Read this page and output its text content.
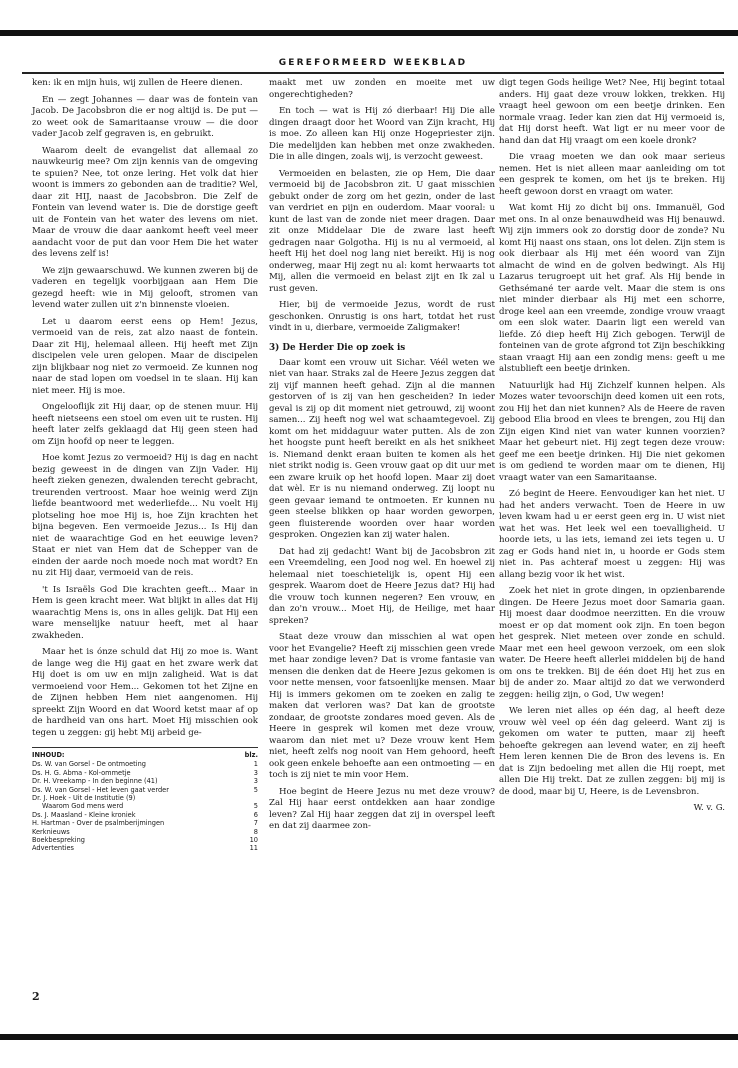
GEREFORMEERD WEEKBLAD

ken: ik en mijn huis, wij zullen de Heere dienen.

En — zegt Johannes — daar was de fontein van Jacob. De Jacobsbron die er nog altijd is. De put — zo weet ook de Samaritaanse vrouw — die door vader Jacob zelf gegraven is, en gebruikt.

Waarom deelt de evangelist dat allemaal zo nauwkeurig mee? Om zijn kennis van de omgeving te spuien? Nee, tot onze lering. Het volk dat hier woont is immers zo gebonden aan de traditie? Wel, daar zit HIJ, naast de Jacobsbron. Die Zelf de Fontein van levend water is. Die de dorstige geeft uit de Fontein van het water des levens om niet. Maar de vrouw die daar aankomt heeft veel meer aandacht voor de put dan voor Hem Die het water des levens zelf is!

We zijn gewaarschuwd. We kunnen zweren bij de vaderen en tegelijk voorbijgaan aan Hem Die gezegd heeft: wie in Mij gelooft, stromen van levend water zullen uit z'n binnenste vloeien.

Let u daarom eerst eens op Hem! Jezus, vermoeid van de reis, zat alzo naast de fontein. Daar zit Hij, helemaal alleen. Hij heeft met Zijn discipelen vele uren gelopen. Maar de discipelen zijn blijkbaar nog niet zo vermoeid. Ze kunnen nog naar de stad lopen om voedsel in te slaan. Hij kan niet meer. Hij is moe.

Ongelooflijk zit Hij daar, op de stenen muur. Hij heeft nietseens een stoel om even uit te rusten. Hij heeft later zelfs geklaagd dat Hij geen steen had om Zijn hoofd op neer te leggen.

Hoe komt Jezus zo vermoeid? Hij is dag en nacht bezig geweest in de dingen van Zijn Vader. Hij heeft zieken genezen, dwalenden terecht gebracht, treurenden vertroost. Maar hoe weinig werd Zijn liefde beantwoord met wederliefde... Nu voelt Hij plotseling hoe moe Hij is, hoe Zijn krachten het bijna begeven. Een vermoeide Jezus... Is Hij dan niet de waarachtige God en het eeuwige leven? Staat er niet van Hem dat de Schepper van de einden der aarde noch moede noch mat wordt? En nu zit Hij daar, vermoeid van de reis.

't Is Israëls God Die krachten geeft... Maar in Hem is geen kracht meer. Wat blijkt in alles dat Hij waarachtig Mens is, ons in alles gelijk. Dat Hij een ware menselijke natuur heeft, met al haar zwakheden.

Maar het is ónze schuld dat Hij zo moe is. Want de lange weg die Hij gaat en het zware werk dat Hij doet is om uw en mijn zaligheid. Wat is dat vermoeiend voor Hem... Gekomen tot het Zijne en de Zijnen hebben Hem niet aangenomen. Hij spreekt Zijn Woord en dat Woord ketst maar af op de hardheid van ons hart. Moet Hij misschien ook tegen u zeggen: gij hebt Mij arbeid ge-

INHOUD:	blz.
Ds. W. van Gorsel - De ontmoeting	1
Ds. H. G. Abma - Kol-ommetje	3
Dr. H. Vreekamp - In den beginne (41)	3
Ds. W. van Gorsel - Het leven gaat verder	5
Dr. J. Hoek - Uit de Institutie (9)
Waarom God mens werd	5
Ds. J. Maasland - Kleine kroniek	6
H. Hartman - Over de psalmberijmingen	7
Kerknieuws	8
Boekbespreking	10
Advertenties	11

maakt met uw zonden en moeite met uw ongerechtigheden?

En toch — wat is Hij zó dierbaar! Hij Die alle dingen draagt door het Woord van Zijn kracht, Hij is moe. Zo alleen kan Hij onze Hogepriester zijn. Die medelijden kan hebben met onze zwakheden. Die in alle dingen, zoals wij, is verzocht geweest.

Vermoeiden en belasten, zie op Hem, Die daar vermoeid bij de Jacobsbron zit. U gaat misschien gebukt onder de zorg om het gezin, onder de last van verdriet en pijn en ouderdom. Maar vooral: u kunt de last van de zonde niet meer dragen. Daar zit onze Middelaar Die de zware last heeft gedragen naar Golgotha. Hij is nu al vermoeid, al heeft Hij het doel nog lang niet bereikt. Hij is nog onderweg, maar Hij zegt nu al: komt herwaarts tot Mij, allen die vermoeid en belast zijt en Ik zal u rust geven.

Hier, bij de vermoeide Jezus, wordt de rust geschonken. Onrustig is ons hart, totdat het rust vindt in u, dierbare, vermoeide Zaligmaker!

3) De Herder Die op zoek is

Daar komt een vrouw uit Sichar. Véél weten we niet van haar. Straks zal de Heere Jezus zeggen dat zij vijf mannen heeft gehad. Zijn al die mannen gestorven of is zij van hen gescheiden? In ieder geval is zij op dit moment niet getrouwd, zij woont samen... Zij heeft nog wel wat schaamtegevoel. Zij komt om het middaguur water putten. Als de zon het hoogste punt heeft bereikt en als het snikheet is. Niemand denkt eraan buiten te komen als het niet strikt nodig is. Geen vrouw gaat op dit uur met een zware kruik op het hoofd lopen. Maar zij doet dat wèl. Er is nu niemand onderweg. Zij loopt nu geen gevaar iemand te ontmoeten. Er kunnen nu geen steelse blikken op haar worden geworpen, geen fluisterende woorden over haar worden gesproken. Ongezien kan zij water halen.

Dat had zij gedacht! Want bij de Jacobsbron zit een Vreemdeling, een Jood nog wel. En hoewel zij helemaal niet toeschietelijk is, opent Hij een gesprek. Waarom doet de Heere Jezus dat? Hij had die vrouw toch kunnen negeren? Een vrouw, en dan zo'n vrouw... Moet Hij, de Heilige, met haar spreken?

Staat deze vrouw dan misschien al wat open voor het Evangelie? Heeft zij misschien geen vrede met haar zondige leven? Dat is vrome fantasie van mensen die denken dat de Heere Jezus gekomen is voor nette mensen, voor fatsoenlijke mensen. Maar Hij is immers gekomen om te zoeken en zalig te maken dat verloren was? Dat kan de grootste zondaar, de grootste zondares moed geven. Als de Heere in gesprek wil komen met deze vrouw, waarom dan niet met u? Deze vrouw kent Hem niet, heeft zelfs nog nooit van Hem gehoord, heeft ook geen enkele behoefte aan een ontmoeting — en toch is zij niet te min voor Hem.

Hoe begint de Heere Jezus nu met deze vrouw? Zal Hij haar eerst ontdekken aan haar zondige leven? Zal Hij haar zeggen dat zij in overspel leeft en dat zij daarmee zon-

digt tegen Gods heilige Wet? Nee, Hij begint totaal anders. Hij gaat deze vrouw lokken, trekken. Hij vraagt heel gewoon om een beetje drinken. Een normale vraag. Ieder kan zien dat Hij vermoeid is, dat Hij dorst heeft. Wat ligt er nu meer voor de hand dan dat Hij vraagt om een koele dronk?

Die vraag moeten we dan ook maar serieus nemen. Het is niet alleen maar aanleiding om tot een gesprek te komen, om het ijs te breken. Hij heeft gewoon dorst en vraagt om water.

Wat komt Hij zo dicht bij ons. Immanuël, God met ons. In al onze benauwdheid was Hij benauwd. Wij zijn immers ook zo dorstig door de zonde? Nu komt Hij naast ons staan, ons lot delen. Zijn stem is ook dierbaar als Hij met één woord van Zijn almacht de wind en de golven bedwingt. Als Hij Lazarus terugroept uit het graf. Als Hij bende in Gethsémané ter aarde velt. Maar die stem is ons niet minder dierbaar als Hij met een schorre, droge keel aan een vreemde, zondige vrouw vraagt om een slok water. Daarin ligt een wereld van liefde. Zó diep heeft Hij Zich gebogen. Terwijl de fonteinen van de grote afgrond tot Zijn beschikking staan vraagt Hij aan een zondig mens: geeft u me alstublieft een beetje drinken.

Natuurlijk had Hij Zichzelf kunnen helpen. Als Mozes water tevoorschijn deed komen uit een rots, zou Hij het dan niet kunnen? Als de Heere de raven gebood Elia brood en vlees te brengen, zou Hij dan Zijn eigen Kind niet van water kunnen voorzien? Maar het gebeurt niet. Hij zegt tegen deze vrouw: geef me een beetje drinken. Hij Die niet gekomen is om gediend te worden maar om te dienen, Hij vraagt water van een Samaritaanse.

Zó begint de Heere. Eenvoudiger kan het niet. U had het anders verwacht. Toen de Heere in uw leven kwam had u er eerst geen erg in. U wist niet wat het was. Het leek wel een toevalligheid. U hoorde iets, u las iets, iemand zei iets tegen u. U zag er Gods hand niet in, u hoorde er Gods stem niet in. Pas achteraf moest u zeggen: Hij was allang bezig voor ik het wist.

Zoek het niet in grote dingen, in opzienbarende dingen. De Heere Jezus moet door Samaria gaan. Hij moest daar doodmoe neerzitten. En die vrouw moest er op dat moment ook zijn. En toen begon het gesprek. Niet meteen over zonde en schuld. Maar met een heel gewoon verzoek, om een slok water. De Heere heeft allerlei middelen bij de hand om ons te trekken. Bij de één doet Hij het zus en bij de ander zo. Maar altijd zo dat we verwonderd zeggen: heilig zijn, o God, Uw wegen!

We leren niet alles op één dag, al heeft deze vrouw wèl veel op één dag geleerd. Want zij is gekomen om water te putten, maar zij heeft behoefte gekregen aan levend water, en zij heeft Hem leren kennen Die de Bron des levens is. En dat is Zijn bedoeling met allen die Hij roept, met allen Die Hij trekt. Dat ze zullen zeggen: bij mij is de dood, maar bij U, Heere, is de Levensbron.

W. v. G.

2
